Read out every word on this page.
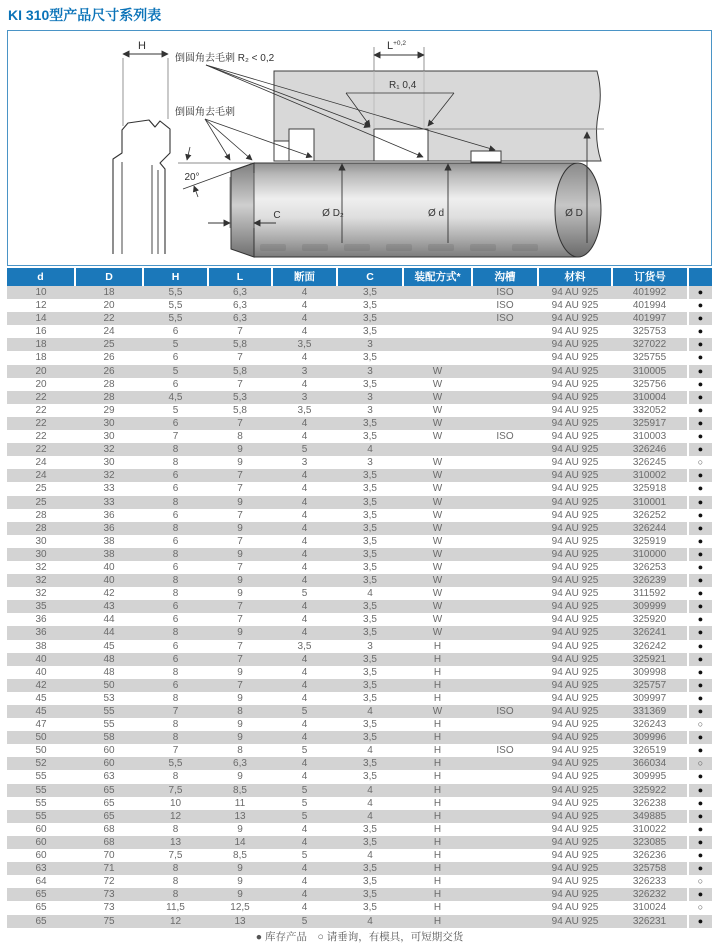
KI 310型产品尺寸系列表
H
倒圆角去毛刺 R₂ < 0,2
倒圆角去毛刺
20°
C
$L^{+0,2}$
R₁ 0,4
Ø D₂	Ø d	Ø D
d	D	H	L	断面	C	装配方式*	沟槽	材料	订货号	
10	18	5,5	6,3	4	3,5		ISO	94 AU 925	401992	●
12	20	5,5	6,3	4	3,5		ISO	94 AU 925	401994	●
14	22	5,5	6,3	4	3,5		ISO	94 AU 925	401997	●
16	24	6	7	4	3,5			94 AU 925	325753	●
18	25	5	5,8	3,5	3			94 AU 925	327022	●
18	26	6	7	4	3,5			94 AU 925	325755	●
20	26	5	5,8	3	3	W		94 AU 925	310005	●
20	28	6	7	4	3,5	W		94 AU 925	325756	●
22	28	4,5	5,3	3	3	W		94 AU 925	310004	●
22	29	5	5,8	3,5	3	W		94 AU 925	332052	●
22	30	6	7	4	3,5	W		94 AU 925	325917	●
22	30	7	8	4	3,5	W	ISO	94 AU 925	310003	●
22	32	8	9	5	4			94 AU 925	326246	●
24	30	8	9	3	3	W		94 AU 925	326245	○
24	32	6	7	4	3,5	W		94 AU 925	310002	●
25	33	6	7	4	3,5	W		94 AU 925	325918	●
25	33	8	9	4	3,5	W		94 AU 925	310001	●
28	36	6	7	4	3,5	W		94 AU 925	326252	●
28	36	8	9	4	3,5	W		94 AU 925	326244	●
30	38	6	7	4	3,5	W		94 AU 925	325919	●
30	38	8	9	4	3,5	W		94 AU 925	310000	●
32	40	6	7	4	3,5	W		94 AU 925	326253	●
32	40	8	9	4	3,5	W		94 AU 925	326239	●
32	42	8	9	5	4	W		94 AU 925	311592	●
35	43	6	7	4	3,5	W		94 AU 925	309999	●
36	44	6	7	4	3,5	W		94 AU 925	325920	●
36	44	8	9	4	3,5	W		94 AU 925	326241	●
38	45	6	7	3,5	3	H		94 AU 925	326242	●
40	48	6	7	4	3,5	H		94 AU 925	325921	●
40	48	8	9	4	3,5	H		94 AU 925	309998	●
42	50	6	7	4	3,5	H		94 AU 925	325757	●
45	53	8	9	4	3,5	H		94 AU 925	309997	●
45	55	7	8	5	4	W	ISO	94 AU 925	331369	●
47	55	8	9	4	3,5	H		94 AU 925	326243	○
50	58	8	9	4	3,5	H		94 AU 925	309996	●
50	60	7	8	5	4	H	ISO	94 AU 925	326519	●
52	60	5,5	6,3	4	3,5	H		94 AU 925	366034	○
55	63	8	9	4	3,5	H		94 AU 925	309995	●
55	65	7,5	8,5	5	4	H		94 AU 925	325922	●
55	65	10	11	5	4	H		94 AU 925	326238	●
55	65	12	13	5	4	H		94 AU 925	349885	●
60	68	8	9	4	3,5	H		94 AU 925	310022	●
60	68	13	14	4	3,5	H		94 AU 925	323085	●
60	70	7,5	8,5	5	4	H		94 AU 925	326236	●
63	71	8	9	4	3,5	H		94 AU 925	325758	●
64	72	8	9	4	3,5	H		94 AU 925	326233	○
65	73	8	9	4	3,5	H		94 AU 925	326232	●
65	73	11,5	12,5	4	3,5	H		94 AU 925	310024	○
65	75	12	13	5	4	H		94 AU 925	326231	●
● 库存产品　○ 请垂询，有模具，可短期交货
